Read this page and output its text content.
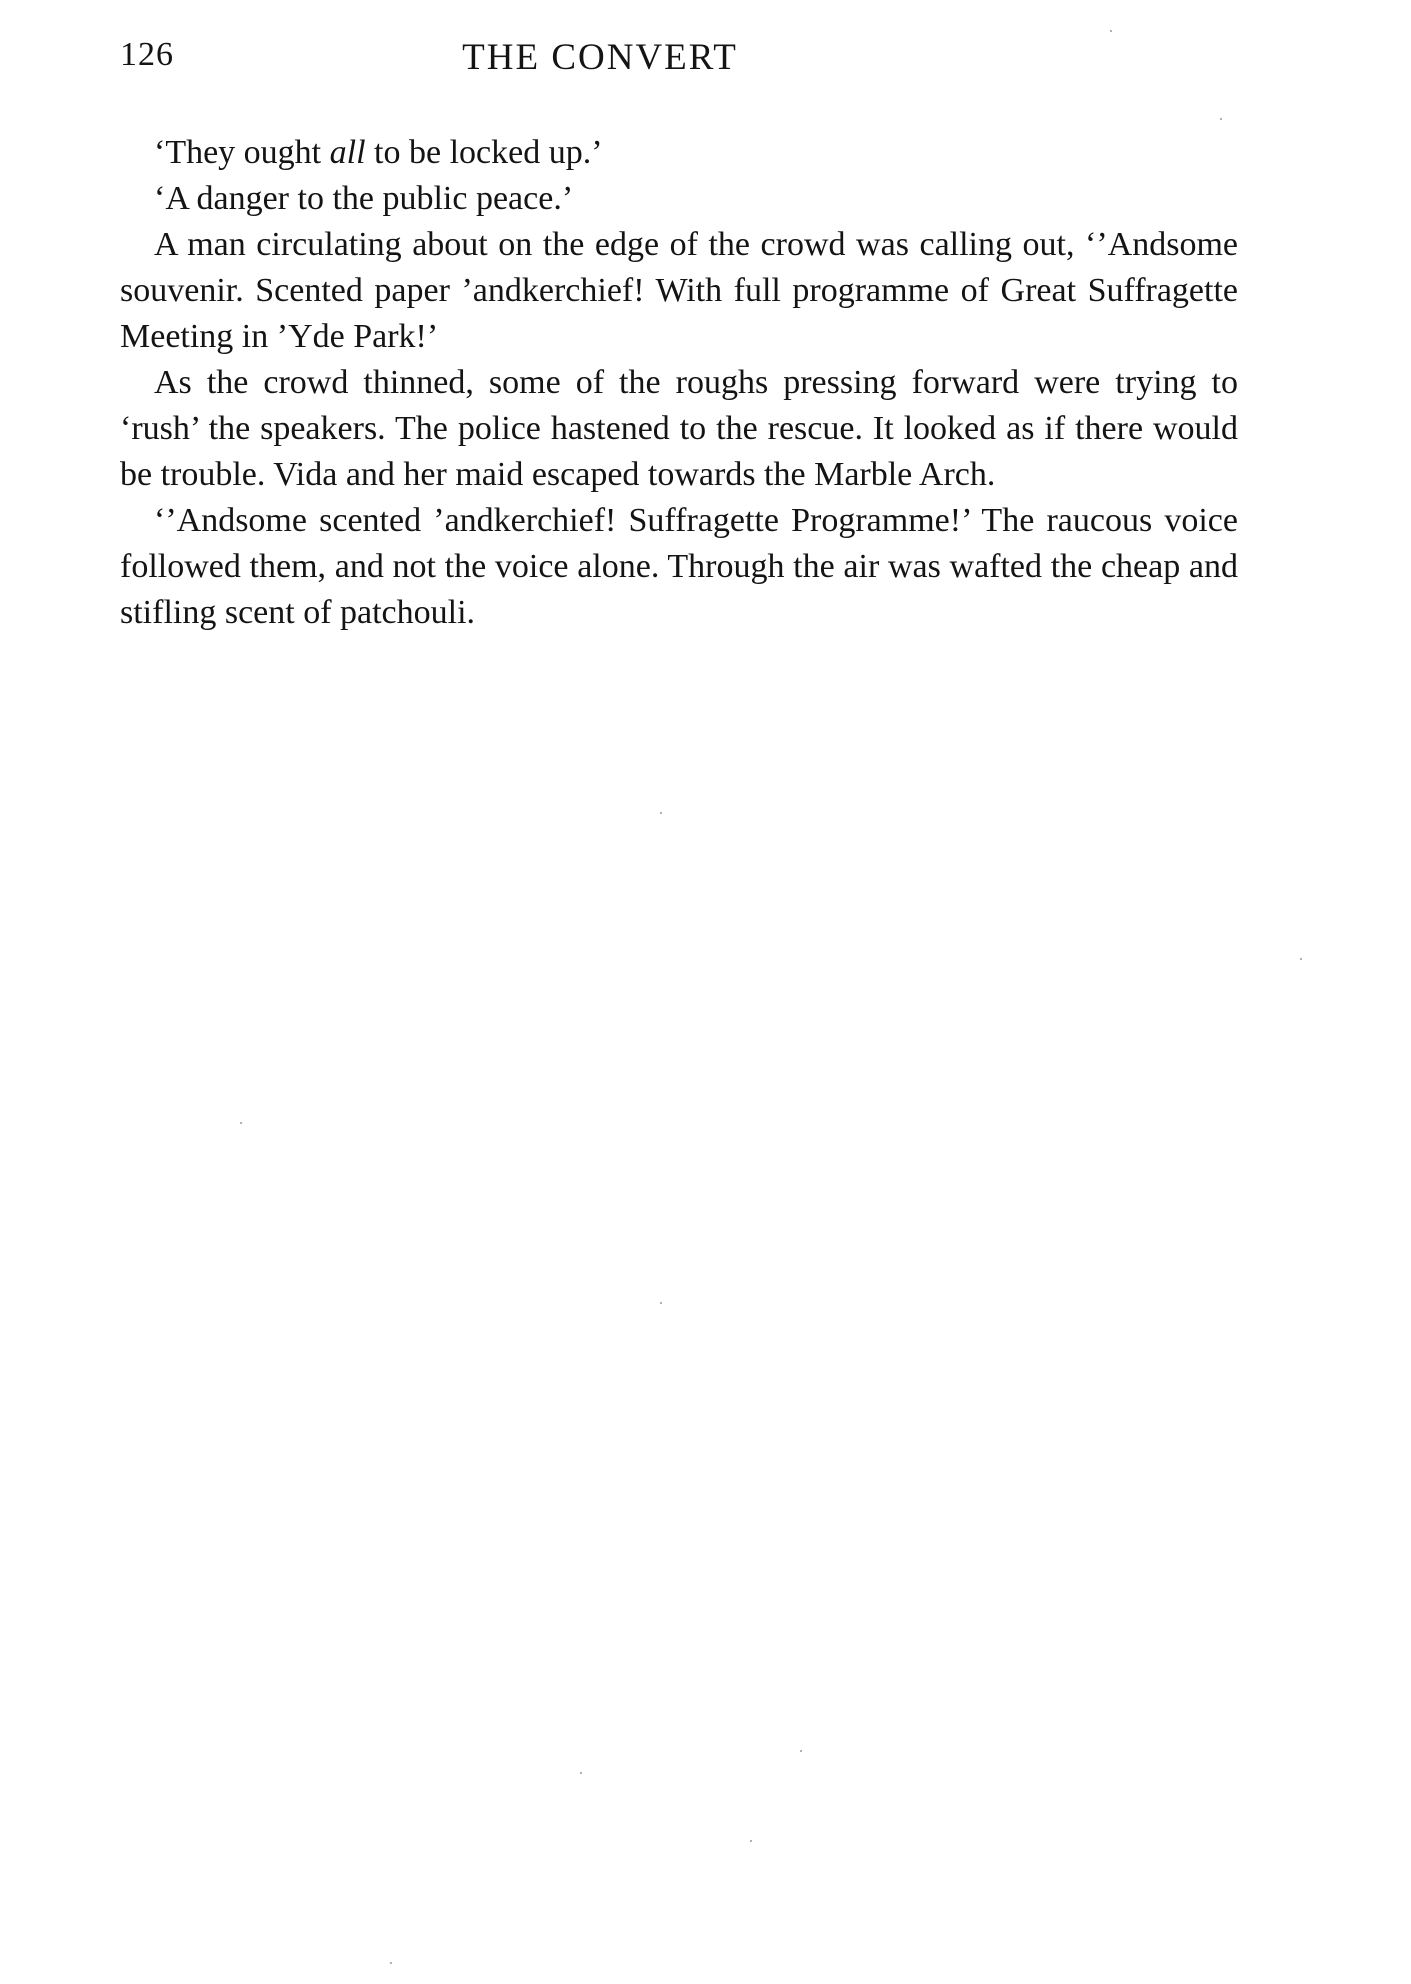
126	THE CONVERT

‘They ought all to be locked up.’

‘A danger to the public peace.’

A man circulating about on the edge of the crowd was calling out, ‘’Andsome souvenir. Scented paper ’andkerchief! With full programme of Great Suffragette Meeting in ’Yde Park!’

As the crowd thinned, some of the roughs pressing forward were trying to ‘rush’ the speakers. The police hastened to the rescue. It looked as if there would be trouble. Vida and her maid escaped towards the Marble Arch.

‘’Andsome scented ’andkerchief! Suffragette Programme!’ The raucous voice followed them, and not the voice alone. Through the air was wafted the cheap and stifling scent of patchouli.
